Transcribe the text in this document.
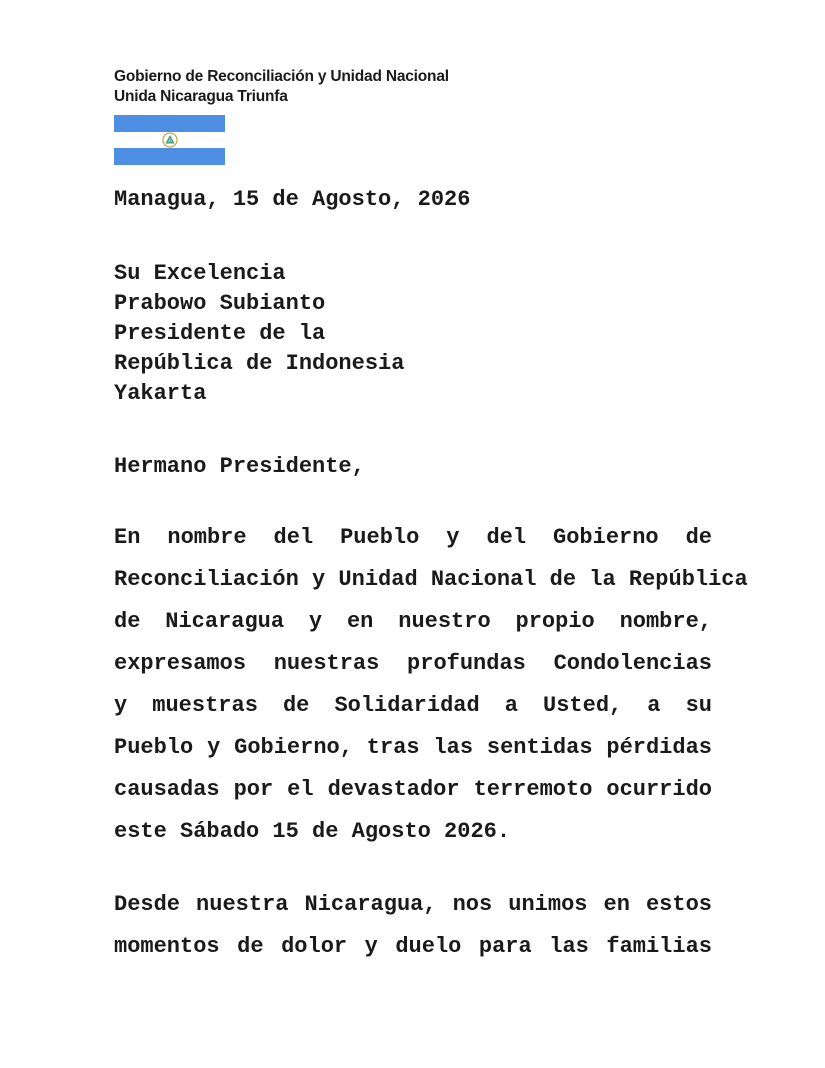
Gobierno de Reconciliación y Unidad Nacional
Unida Nicaragua Triunfa
Managua, 15 de Agosto, 2026
Su Excelencia
Prabowo Subianto
Presidente de la
República de Indonesia
Yakarta
Hermano Presidente,
En nombre del Pueblo y del Gobierno de
Reconciliación y Unidad Nacional de la República
de Nicaragua y en nuestro propio nombre,
expresamos nuestras profundas Condolencias
y muestras de Solidaridad a Usted, a su
Pueblo y Gobierno, tras las sentidas pérdidas
causadas por el devastador terremoto ocurrido
este Sábado 15 de Agosto 2026.
Desde nuestra Nicaragua, nos unimos en estos
momentos de dolor y duelo para las familias
